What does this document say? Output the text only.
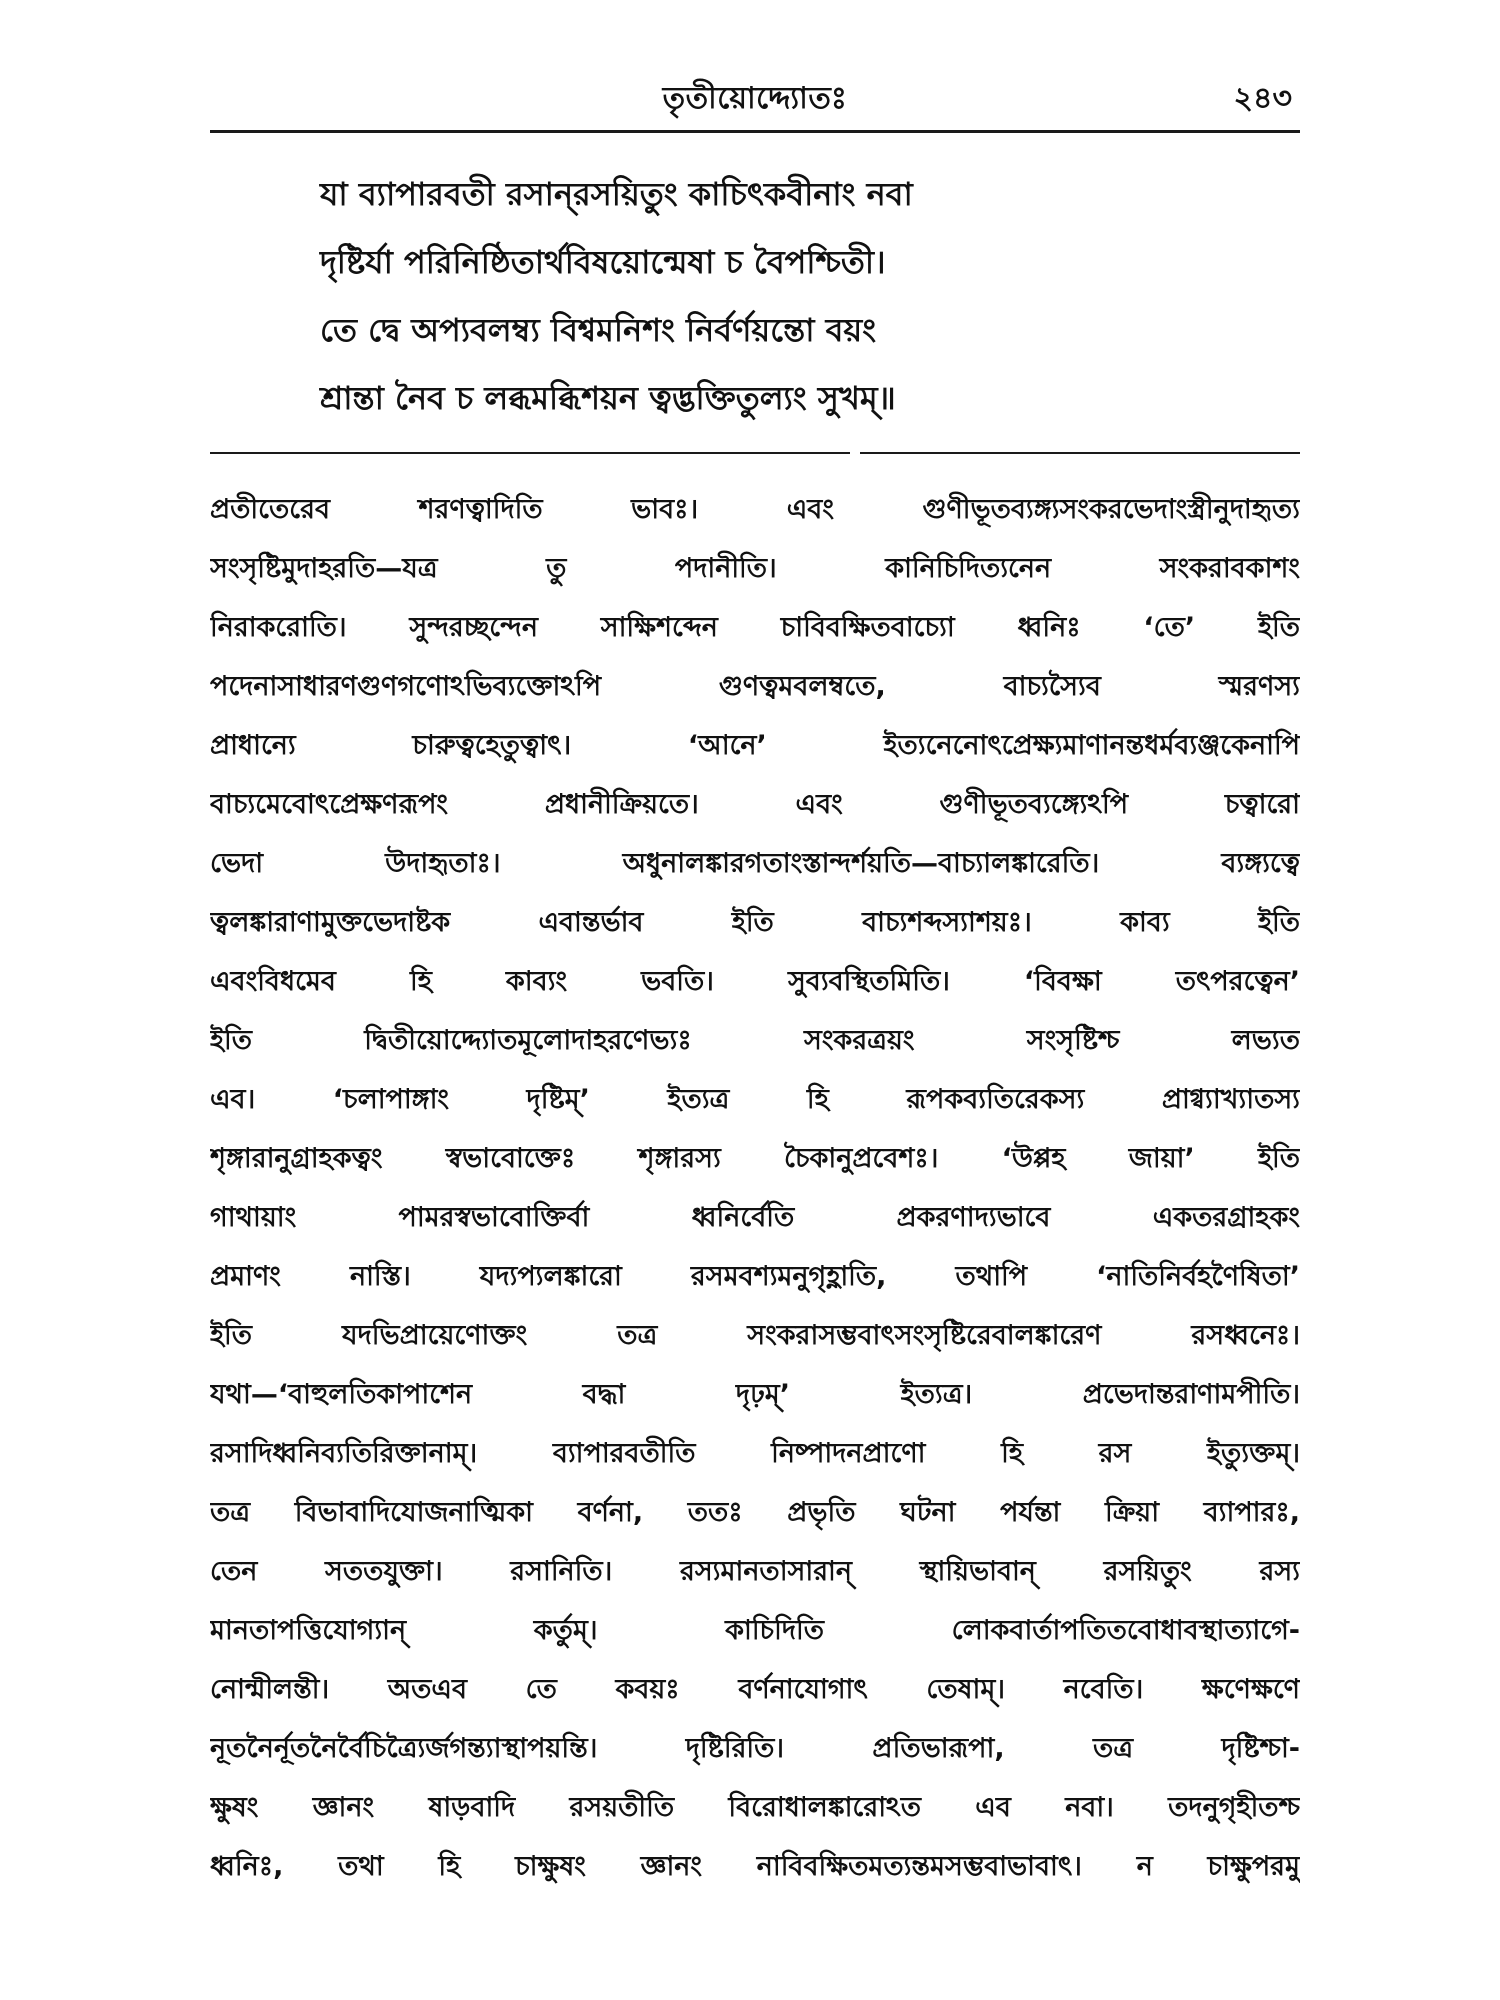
তৃতীয়োদ্দ্যোতঃ	২৪৩
যা ব্যাপারবতী রসান্‌রসয়িতুং কাচিৎকবীনাং নবা
দৃষ্টির্যা পরিনিষ্ঠিতার্থবিষয়োন্মেষা চ বৈপশ্চিতী।
তে দ্বে অপ্যবলম্ব্য বিশ্বমনিশং নির্বর্ণয়ন্তো বয়ং
শ্রান্তা নৈব চ লব্ধমব্ধিশয়ন ত্বদ্ভক্তিতুল্যং সুখম্‌॥
প্রতীতেরেব শরণত্বাদিতি ভাবঃ। এবং গুণীভূতব্যঙ্গ্যসংকরভেদাংস্ত্রীনুদাহৃত্য
সংসৃষ্টিমুদাহরতি—যত্র তু পদানীতি। কানিচিদিত্যনেন সংকরাবকাশং
নিরাকরোতি। সুন্দরচ্ছন্দেন সাক্ষিশব্দেন চাবিবক্ষিতবাচ্যো ধ্বনিঃ ‘তে’ ইতি
পদেনাসাধারণগুণগণোঽভিব্যক্তোঽপি গুণত্বমবলম্বতে, বাচ্যস্যৈব স্মরণস্য
প্রাধান্যে চারুত্বহেতুত্বাৎ। ‘আনে’ ইত্যনেনোৎপ্রেক্ষ্যমাণানন্তধর্মব্যঞ্জকেনাপি
বাচ্যমেবোৎপ্রেক্ষণরূপং প্রধানীক্রিয়তে। এবং গুণীভূতব্যঙ্গ্যেঽপি চত্বারো
ভেদা উদাহৃতাঃ। অধুনালঙ্কারগতাংস্তান্দর্শয়তি—বাচ্যালঙ্কারেতি। ব্যঙ্গ্যত্বে
ত্বলঙ্কারাণামুক্তভেদাষ্টক এবান্তর্ভাব ইতি বাচ্যশব্দস্যাশয়ঃ। কাব্য ইতি
এবংবিধমেব হি কাব্যং ভবতি। সুব্যবস্থিতমিতি। ‘বিবক্ষা তৎপরত্বেন’
ইতি দ্বিতীয়োদ্দ্যোতমূলোদাহরণেভ্যঃ সংকরত্রয়ং সংসৃষ্টিশ্চ লভ্যত
এব। ‘চলাপাঙ্গাং দৃষ্টিম্‌’ ইত্যত্র হি রূপকব্যতিরেকস্য প্রাগ্ব্যাখ্যাতস্য
শৃঙ্গারানুগ্রাহকত্বং স্বভাবোক্তেঃ শৃঙ্গারস্য চৈকানুপ্রবেশঃ। ‘উপ্পহ জায়া’ ইতি
গাথায়াং পামরস্বভাবোক্তির্বা ধ্বনির্বেতি প্রকরণাদ্যভাবে একতরগ্রাহকং
প্রমাণং নাস্তি। যদ্যপ্যলঙ্কারো রসমবশ্যমনুগৃহ্ণাতি, তথাপি ‘নাতিনির্বহণৈষিতা’
ইতি যদভিপ্রায়েণোক্তং তত্র সংকরাসম্ভবাৎসংসৃষ্টিরেবালঙ্কারেণ রসধ্বনেঃ।
যথা—‘বাহুলতিকাপাশেন বদ্ধা দৃঢ়ম্‌’ ইত্যত্র। প্রভেদান্তরাণামপীতি।
রসাদিধ্বনিব্যতিরিক্তানাম্‌। ব্যাপারবতীতি নিষ্পাদনপ্রাণো হি রস ইত্যুক্তম্‌।
তত্র বিভাবাদিযোজনাত্মিকা বর্ণনা, ততঃ প্রভৃতি ঘটনা পর্যন্তা ক্রিয়া ব্যাপারঃ,
তেন সততযুক্তা। রসানিতি। রস্যমানতাসারান্‌ স্থায়িভাবান্‌ রসয়িতুং রস্য
মানতাপত্তিযোগ্যান্‌ কর্তুম্‌। কাচিদিতি লোকবার্তাপতিতবোধাবস্থাত্যাগে-
নোন্মীলন্তী। অতএব তে কবয়ঃ বর্ণনাযোগাৎ তেষাম্‌। নবেতি। ক্ষণেক্ষণে
নূতনৈর্নূতনৈর্বৈচিত্র্যৈর্জগন্ত্যাস্থাপয়ন্তি। দৃষ্টিরিতি। প্রতিভারূপা, তত্র দৃষ্টিশ্চা-
ক্ষুষং জ্ঞানং ষাড়বাদি রসয়তীতি বিরোধালঙ্কারোঽত এব নবা। তদনুগৃহীতশ্চ
ধ্বনিঃ, তথা হি চাক্ষুষং জ্ঞানং নাবিবক্ষিতমত্যন্তমসম্ভবাভাবাৎ। ন চাক্ষুপরমু
